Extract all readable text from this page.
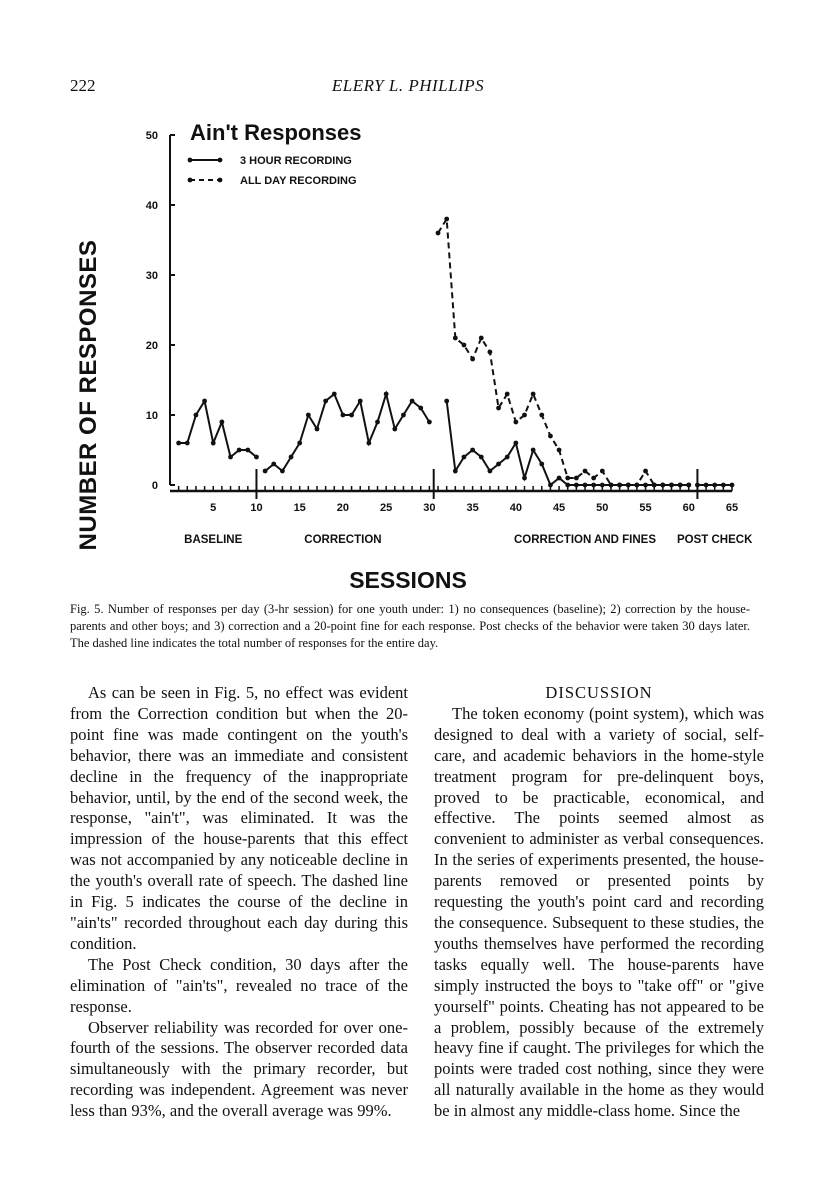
222	ELERY L. PHILLIPS
Ain't Responses
3 HOUR RECORDING
ALL DAY RECORDING
0
10
20
30
40
50
5	10	15	20	25	30	35	40	45	50	55	60	65
BASELINE	CORRECTION	CORRECTION AND FINES POST CHECK
NUMBER OF RESPONSES
SESSIONS
Fig. 5. Number of responses per day (3-hr session) for one youth under: 1) no consequences (baseline); 2) correction by the house-parents and other boys; and 3) correction and a 20-point fine for each response. Post checks of the behavior were taken 30 days later. The dashed line indicates the total number of responses for the entire day.

As can be seen in Fig. 5, no effect was evident from the Correction condition but when the 20-point fine was made contingent on the youth's behavior, there was an immediate and consistent decline in the frequency of the inappropriate behavior, until, by the end of the second week, the response, "ain't", was eliminated. It was the impression of the house-parents that this effect was not accompanied by any noticeable decline in the youth's overall rate of speech. The dashed line in Fig. 5 indicates the course of the decline in "ain'ts" recorded throughout each day during this condition.

The Post Check condition, 30 days after the elimination of "ain'ts", revealed no trace of the response.

Observer reliability was recorded for over one-fourth of the sessions. The observer recorded data simultaneously with the primary recorder, but recording was independent. Agreement was never less than 93%, and the overall average was 99%.

DISCUSSION

The token economy (point system), which was designed to deal with a variety of social, self-care, and academic behaviors in the home-style treatment program for pre-delinquent boys, proved to be practicable, economical, and effective. The points seemed almost as convenient to administer as verbal consequences. In the series of experiments presented, the house-parents removed or presented points by requesting the youth's point card and recording the consequence. Subsequent to these studies, the youths themselves have performed the recording tasks equally well. The house-parents have simply instructed the boys to "take off" or "give yourself" points. Cheating has not appeared to be a problem, possibly because of the extremely heavy fine if caught. The privileges for which the points were traded cost nothing, since they were all naturally available in the home as they would be in almost any middle-class home. Since the
